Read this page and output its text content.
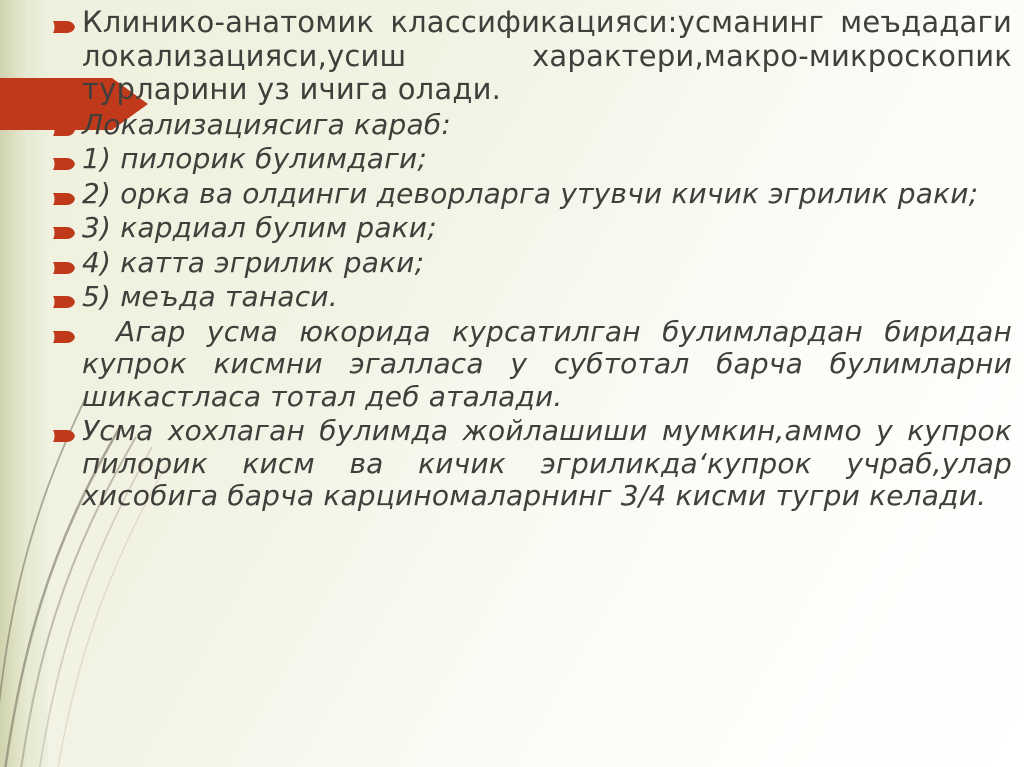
Клинико-анатомик классификацияси:усманинг меъдадаги локализацияси,усиш характери,макро-микроскопик турларини уз ичига олади.
Локализациясига караб:
1) пилорик булимдаги;
2) орка ва олдинги деворларга утувчи кичик эгрилик раки;
3) кардиал булим раки;
4) катта эгрилик раки;
5) меъда танаси.
Агар усма юкорида курсатилган булимлардан биридан купрок кисмни эгалласа у субтотал барча булимларни шикастласа тотал деб аталади.
Усма хохлаган булимда жойлашиши мумкин,аммо у купрок пилорик кисм ва кичик эгриликда‘купрок учраб,улар хисобига барча карциномаларнинг 3/4 кисми тугри келади.
